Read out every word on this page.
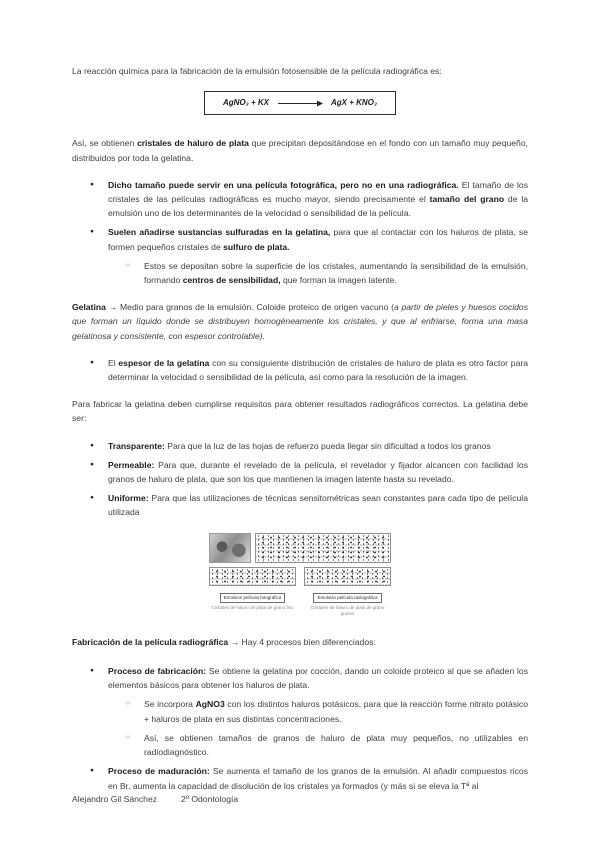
La reacción química para la fabricación de la emulsión fotosensible de la película radiográfica es:

AgNO₃ + KX	AgX + KNO₃

Así, se obtienen cristales de haluro de plata que precipitan depositándose en el fondo con un tamaño muy pequeño, distribuidos por toda la gelatina.

●	Dicho tamaño puede servir en una película fotográfica, pero no en una radiográfica. El tamaño de los cristales de las películas radiográficas es mucho mayor, siendo precisamente el tamaño del grano de la emulsión uno de los determinantes de la velocidad o sensibilidad de la película.
●	Suelen añadirse sustancias sulfuradas en la gelatina, para que al contactar con los haluros de plata, se formen pequeños cristales de sulfuro de plata.
○	Estos se depositan sobre la superficie de los cristales, aumentando la sensibilidad de la emulsión, formando centros de sensibilidad, que forman la imagen latente.

Gelatina → Medio para granos de la emulsión. Coloide proteico de origen vacuno (a partir de pieles y huesos cocidos que forman un líquido donde se distribuyen homogéneamente los cristales, y que al enfriarse, forma una masa gelatinosa y consistente, con espesor controlable).

●	El espesor de la gelatina con su consiguiente distribución de cristales de haluro de plata es otro factor para determinar la velocidad o sensibilidad de la película, así como para la resolución de la imagen.

Para fabricar la gelatina deben cumplirse requisitos para obtener resultados radiográficos correctos. La gelatina debe ser:

●	Transparente: Para que la luz de las hojas de refuerzo pueda llegar sin dificultad a todos los granos
●	Permeable: Para que, durante el revelado de la película, el revelador y fijador alcancen con facilidad los granos de haluro de plata, que son los que mantienen la imagen latente hasta su revelado.
●	Uniforme: Para que las utilizaciones de técnicas sensitométricas sean constantes para cada tipo de película utilizada
Emulsión película fotográfica
Cristales de haluro de plata de grano fino
Emulsión película radiográfica
Cristales de haluro de plata de grano grueso

Fabricación de la película radiográfica → Hay 4 procesos bien diferenciados:

●	Proceso de fabricación: Se obtiene la gelatina por cocción, dando un coloide proteico al que se añaden los elementos básicos para obtener los haluros de plata.
○	Se incorpora AgNO3 con los distintos haluros potásicos, para que la reacción forme nitrato potásico + haluros de plata en sus distintas concentraciones.
○	Así, se obtienen tamaños de granos de haluro de plata muy pequeños, no utilizables en radiodiagnóstico.
●	Proceso de maduración: Se aumenta el tamaño de los granos de la emulsión. Al añadir compuestos ricos en Br, aumenta la capacidad de disolución de los cristales ya formados (y más si se eleva la Tª al
Alejandro Gil Sánchez	2º Odontología
